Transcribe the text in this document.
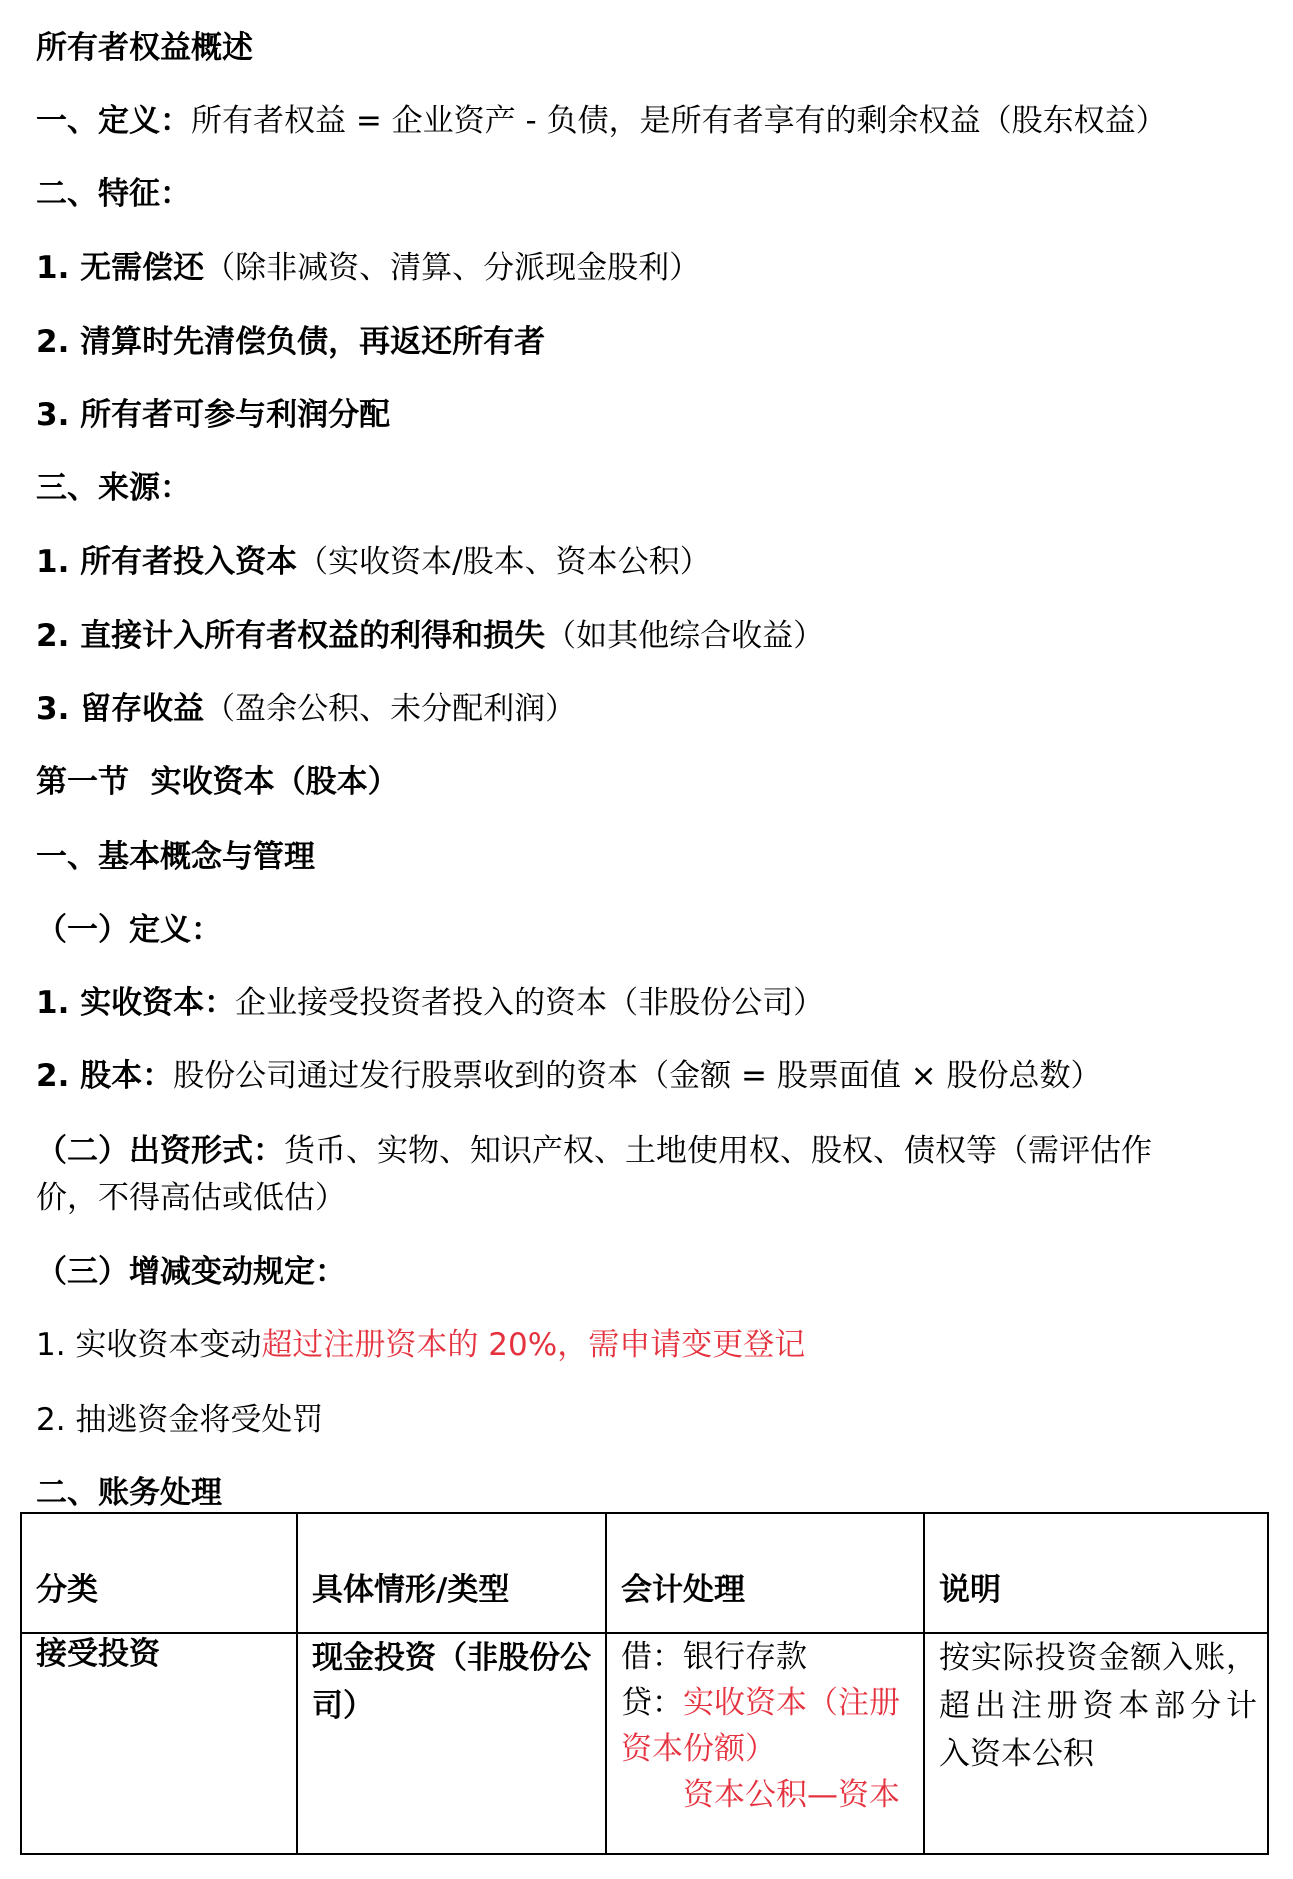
所有者权益概述
一、定义：所有者权益 = 企业资产 - 负债，是所有者享有的剩余权益（股东权益）
二、特征：
1. 无需偿还（除非减资、清算、分派现金股利）
2. 清算时先清偿负债，再返还所有者
3. 所有者可参与利润分配
三、来源：
1. 所有者投入资本（实收资本/股本、资本公积）
2. 直接计入所有者权益的利得和损失（如其他综合收益）
3. 留存收益（盈余公积、未分配利润）
第一节  实收资本（股本）
一、基本概念与管理
（一）定义：
1. 实收资本：企业接受投资者投入的资本（非股份公司）
2. 股本：股份公司通过发行股票收到的资本（金额 = 股票面值 × 股份总数）
（二）出资形式：货币、实物、知识产权、土地使用权、股权、债权等（需评估作
价，不得高估或低估）
（三）增减变动规定：
1. 实收资本变动超过注册资本的 20%，需申请变更登记
2. 抽逃资金将受处罚
二、账务处理
分类	具体情形/类型	会计处理	说明
接受投资	现金投资（非股份公司）	借：银行存款
贷：实收资本（注册
资本份额）
资本公积—资本	按实际投资金额入账，
超出注册资本部分计
入资本公积
